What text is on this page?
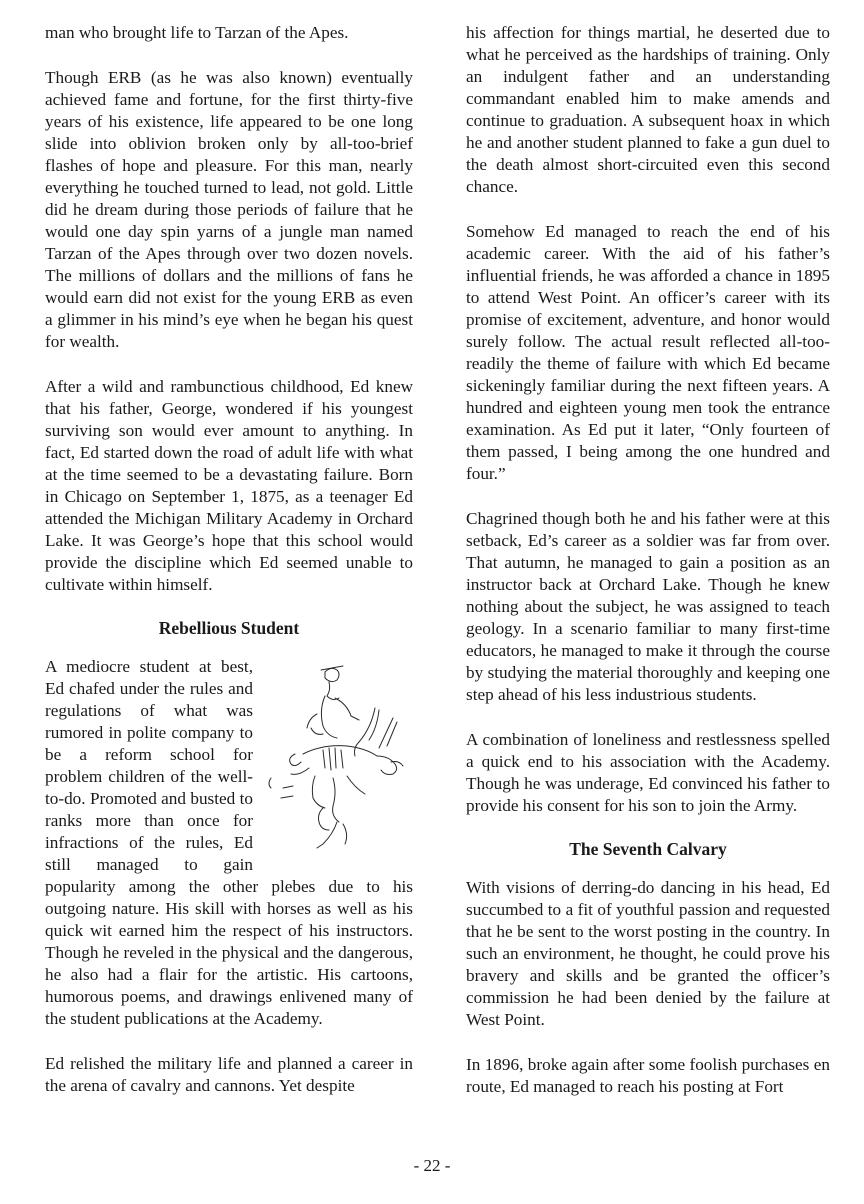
man who brought life to Tarzan of the Apes.

Though ERB (as he was also known) eventually achieved fame and fortune, for the first thirty-five years of his existence, life appeared to be one long slide into oblivion broken only by all-too-brief flashes of hope and pleasure. For this man, nearly everything he touched turned to lead, not gold. Little did he dream during those periods of failure that he would one day spin yarns of a jungle man named Tarzan of the Apes through over two dozen novels. The millions of dollars and the millions of fans he would earn did not exist for the young ERB as even a glimmer in his mind’s eye when he began his quest for wealth.

After a wild and rambunctious childhood, Ed knew that his father, George, wondered if his youngest surviving son would ever amount to anything. In fact, Ed started down the road of adult life with what at the time seemed to be a devastating failure. Born in Chicago on September 1, 1875, as a teenager Ed attended the Michigan Military Academy in Orchard Lake. It was George’s hope that this school would provide the discipline which Ed seemed unable to cultivate within himself.

Rebellious Student

A mediocre student at best, Ed chafed under the rules and regulations of what was rumored in polite company to be a reform school for problem children of the well-to-do. Promoted and busted to ranks more than once for infractions of the rules, Ed still managed to gain popularity among the other plebes due to his outgoing nature. His skill with horses as well as his quick wit earned him the respect of his instructors. Though he reveled in the physical and the dangerous, he also had a flair for the artistic. His cartoons, humorous poems, and drawings enlivened many of the student publications at the Academy.

Ed relished the military life and planned a career in the arena of cavalry and cannons. Yet despite

his affection for things martial, he deserted due to what he perceived as the hardships of training. Only an indulgent father and an understanding commandant enabled him to make amends and continue to graduation. A subsequent hoax in which he and another student planned to fake a gun duel to the death almost short-circuited even this second chance.

Somehow Ed managed to reach the end of his academic career. With the aid of his father’s influential friends, he was afforded a chance in 1895 to attend West Point. An officer’s career with its promise of excitement, adventure, and honor would surely follow. The actual result reflected all-too-readily the theme of failure with which Ed became sickeningly familiar during the next fifteen years. A hundred and eighteen young men took the entrance examination. As Ed put it later, “Only fourteen of them passed, I being among the one hundred and four.”

Chagrined though both he and his father were at this setback, Ed’s career as a soldier was far from over. That autumn, he managed to gain a position as an instructor back at Orchard Lake. Though he knew nothing about the subject, he was assigned to teach geology. In a scenario familiar to many first-time educators, he managed to make it through the course by studying the material thoroughly and keeping one step ahead of his less industrious students.

A combination of loneliness and restlessness spelled a quick end to his association with the Academy. Though he was underage, Ed convinced his father to provide his consent for his son to join the Army.

The Seventh Calvary

With visions of derring-do dancing in his head, Ed succumbed to a fit of youthful passion and requested that he be sent to the worst posting in the country. In such an environment, he thought, he could prove his bravery and skills and be granted the officer’s commission he had been denied by the failure at West Point.

In 1896, broke again after some foolish purchases en route, Ed managed to reach his posting at Fort

- 22 -
